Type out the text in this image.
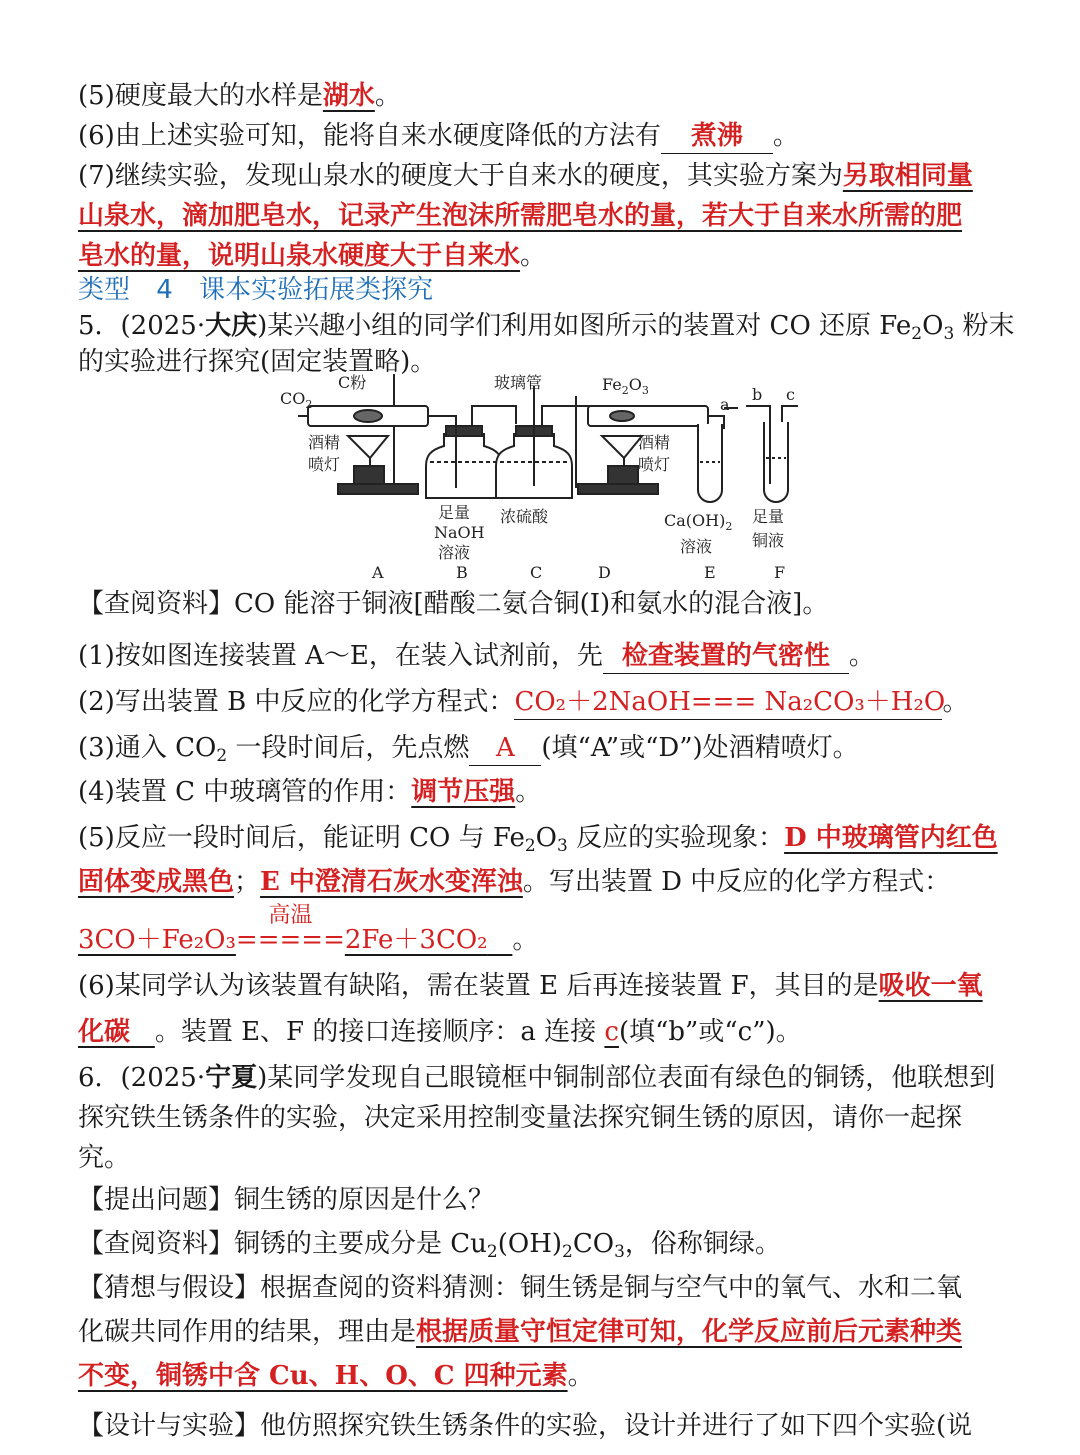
(5)硬度最大的水样是湖水。
(6)由上述实验可知，能将自来水硬度降低的方法有 煮沸 。
(7)继续实验，发现山泉水的硬度大于自来水的硬度，其实验方案为另取相同量
山泉水，滴加肥皂水，记录产生泡沫所需肥皂水的量，若大于自来水所需的肥
皂水的量，说明山泉水硬度大于自来水。
类型 4 课本实验拓展类探究
5．(2025·大庆)某兴趣小组的同学们利用如图所示的装置对 CO 还原 $Fe_2O_3$ 粉末
的实验进行探究(固定装置略)。
【查阅资料】CO 能溶于铜液[醋酸二氨合铜(Ⅰ)和氨水的混合液]。
(1)按如图连接装置 A～E，在装入试剂前，先 检查装置的气密性 。
(2)写出装置 B 中反应的化学方程式：CO₂＋2NaOH=== Na₂CO₃＋H₂O。
(3)通入 $CO_2$ 一段时间后，先点燃 A (填“A”或“D”)处酒精喷灯。
(4)装置 C 中玻璃管的作用：调节压强。
(5)反应一段时间后，能证明 CO 与 $Fe_2O_3$ 反应的实验现象：D 中玻璃管内红色
固体变成黑色；E 中澄清石灰水变浑浊。写出装置 D 中反应的化学方程式：
3CO＋Fe₂O₃
高温
=====2Fe＋3CO₂ 。
(6)某同学认为该装置有缺陷，需在装置 E 后再连接装置 F，其目的是吸收一氧
化碳 。装置 E、F 的接口连接顺序：a 连接 c(填“b”或“c”)。
6．(2025·宁夏)某同学发现自己眼镜框中铜制部位表面有绿色的铜锈，他联想到
探究铁生锈条件的实验，决定采用控制变量法探究铜生锈的原因，请你一起探
究。
【提出问题】铜生锈的原因是什么？
【查阅资料】铜锈的主要成分是 $Cu_2(OH)_2CO_3$，俗称铜绿。
【猜想与假设】根据查阅的资料猜测：铜生锈是铜与空气中的氧气、水和二氧
化碳共同作用的结果，理由是根据质量守恒定律可知，化学反应前后元素种类
不变，铜锈中含 Cu、H、O、C 四种元素。
【设计与实验】他仿照探究铁生锈条件的实验，设计并进行了如下四个实验(说
$CO_2$
C粉	玻璃管	$Fe_2O_3$
酒精
喷灯
酒精
喷灯
足量
NaOH
溶液
浓硫酸	$Ca(OH)_2$
溶液
足量
铜液
a
b c
A	B	C	D	E	F
